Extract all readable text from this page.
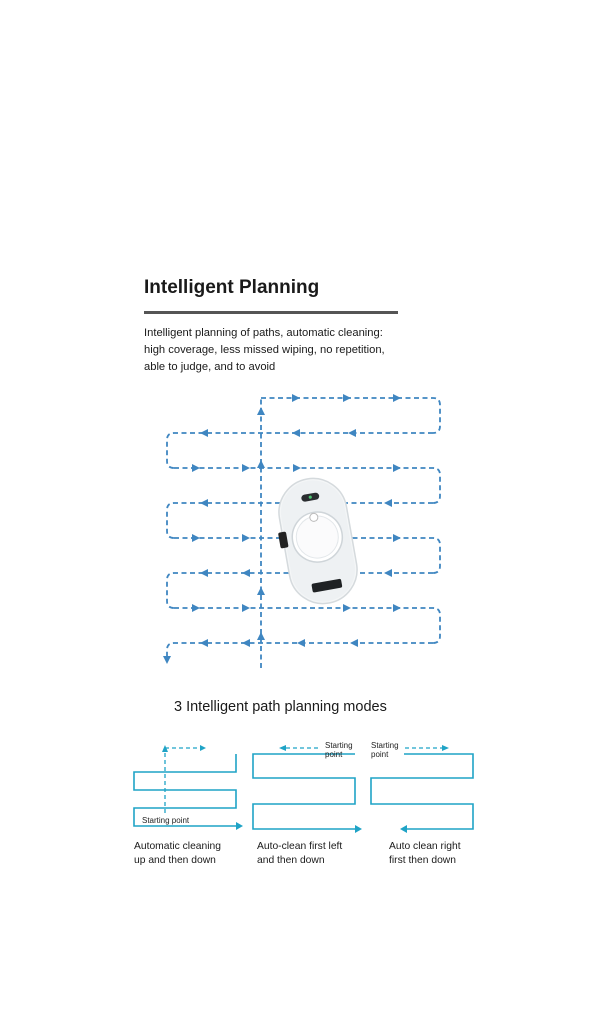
Intelligent Planning
Intelligent planning of paths, automatic cleaning:
high coverage, less missed wiping, no repetition,
able to judge, and to avoid
3 Intelligent path planning modes
Starting point
Starting
point
Starting
point
Automatic cleaning
up and then down
Auto-clean first left
and then down
Auto clean right
first then down
